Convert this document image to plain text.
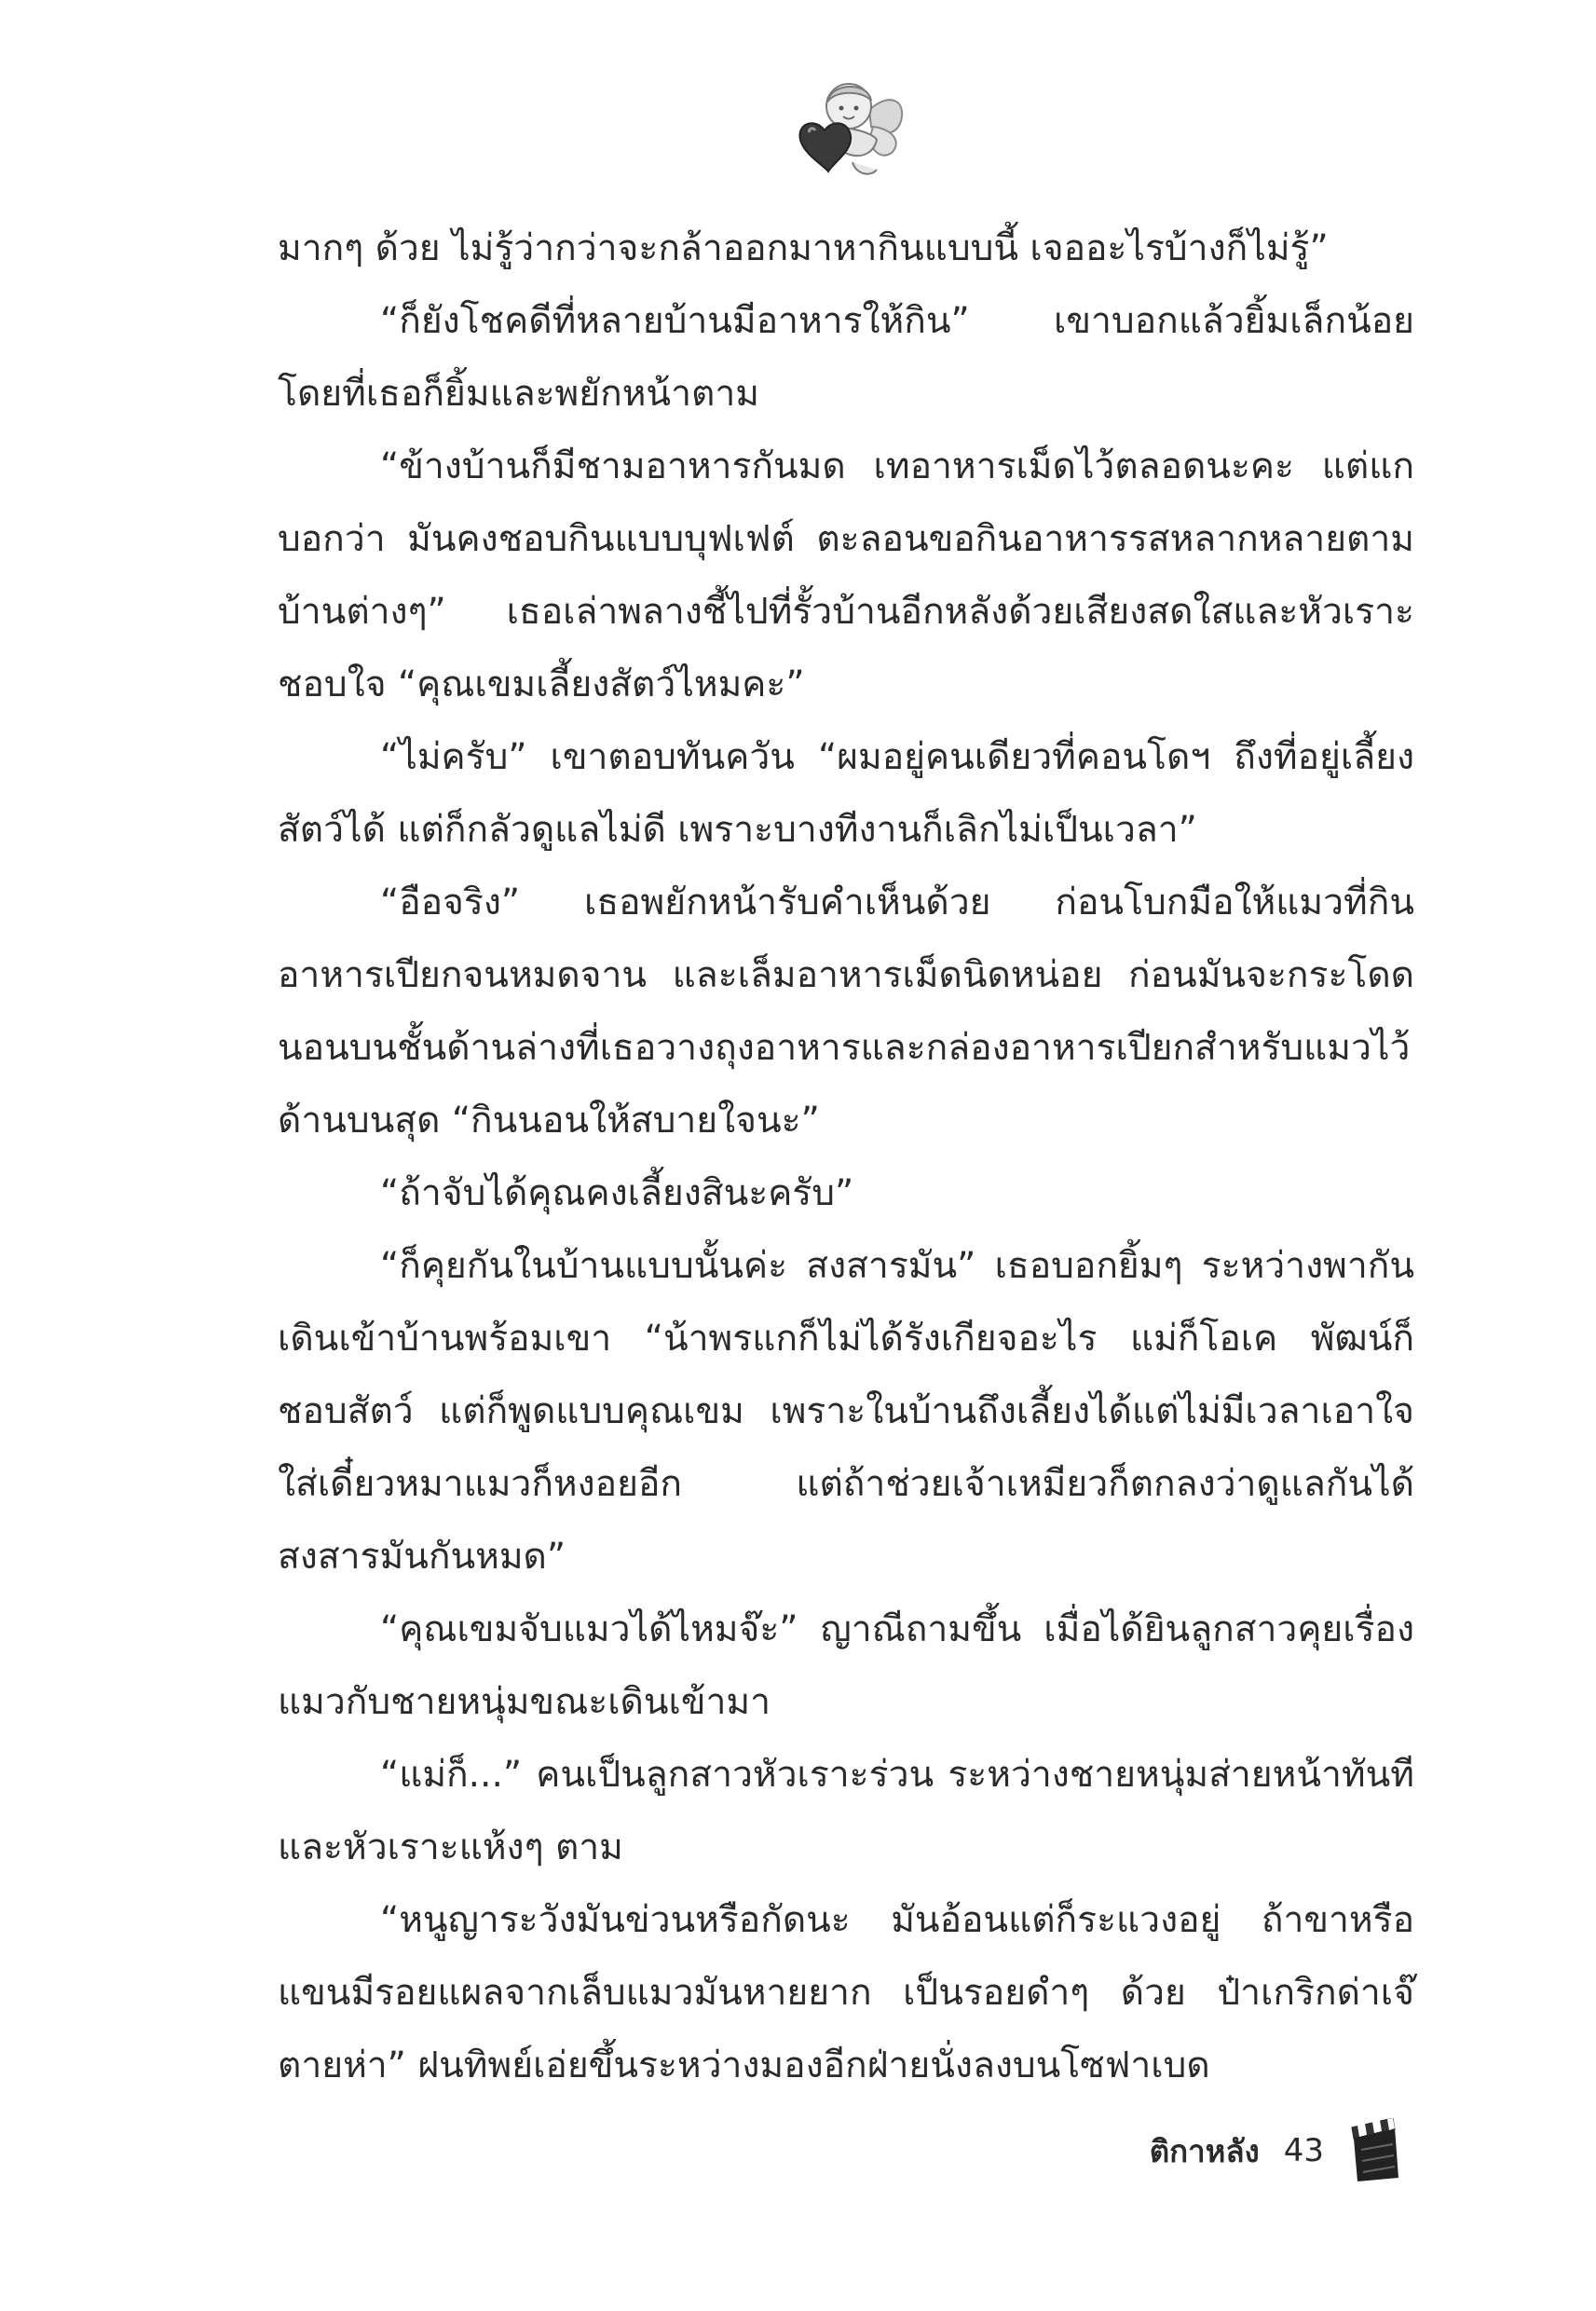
มากๆ ด้วย ไม่รู้ว่ากว่าจะกล้าออกมาหากินแบบนี้ เจออะไรบ้างก็ไม่รู้”

“ก็ยังโชคดีที่หลายบ้านมีอาหารให้กิน” เขาบอกแล้วยิ้มเล็กน้อย โดยที่เธอก็ยิ้มและพยักหน้าตาม

“ข้างบ้านก็มีชามอาหารกันมด เทอาหารเม็ดไว้ตลอดนะคะ แต่แกบอกว่า มันคงชอบกินแบบบุฟเฟต์ ตะลอนขอกินอาหารรสหลากหลายตามบ้านต่างๆ” เธอเล่าพลางชี้ไปที่รั้วบ้านอีกหลังด้วยเสียงสดใสและหัวเราะชอบใจ “คุณเขมเลี้ยงสัตว์ไหมคะ”

“ไม่ครับ” เขาตอบทันควัน “ผมอยู่คนเดียวที่คอนโดฯ ถึงที่อยู่เลี้ยงสัตว์ได้ แต่ก็กลัวดูแลไม่ดี เพราะบางทีงานก็เลิกไม่เป็นเวลา”

“อือจริง” เธอพยักหน้ารับคำเห็นด้วย ก่อนโบกมือให้แมวที่กินอาหารเปียกจนหมดจาน และเล็มอาหารเม็ดนิดหน่อย ก่อนมันจะกระโดดนอนบนชั้นด้านล่างที่เธอวางถุงอาหารและกล่องอาหารเปียกสำหรับแมวไว้ด้านบนสุด “กินนอนให้สบายใจนะ”

“ถ้าจับได้คุณคงเลี้ยงสินะครับ”

“ก็คุยกันในบ้านแบบนั้นค่ะ สงสารมัน” เธอบอกยิ้มๆ ระหว่างพากันเดินเข้าบ้านพร้อมเขา “น้าพรแกก็ไม่ได้รังเกียจอะไร แม่ก็โอเค พัฒน์ก็ชอบสัตว์ แต่ก็พูดแบบคุณเขม เพราะในบ้านถึงเลี้ยงได้แต่ไม่มีเวลาเอาใจใส่เดี๋ยวหมาแมวก็หงอยอีก แต่ถ้าช่วยเจ้าเหมียวก็ตกลงว่าดูแลกันได้ สงสารมันกันหมด”

“คุณเขมจับแมวได้ไหมจ๊ะ” ญาณีถามขึ้น เมื่อได้ยินลูกสาวคุยเรื่องแมวกับชายหนุ่มขณะเดินเข้ามา

“แม่ก็...” คนเป็นลูกสาวหัวเราะร่วน ระหว่างชายหนุ่มส่ายหน้าทันทีและหัวเราะแห้งๆ ตาม

“หนูญาระวังมันข่วนหรือกัดนะ มันอ้อนแต่ก็ระแวงอยู่ ถ้าขาหรือแขนมีรอยแผลจากเล็บแมวมันหายยาก เป็นรอยดำๆ ด้วย ป๋าเกริกด่าเจ๊ตายห่า” ฝนทิพย์เอ่ยขึ้นระหว่างมองอีกฝ่ายนั่งลงบนโซฟาเบด

ติกาหลัง 43
